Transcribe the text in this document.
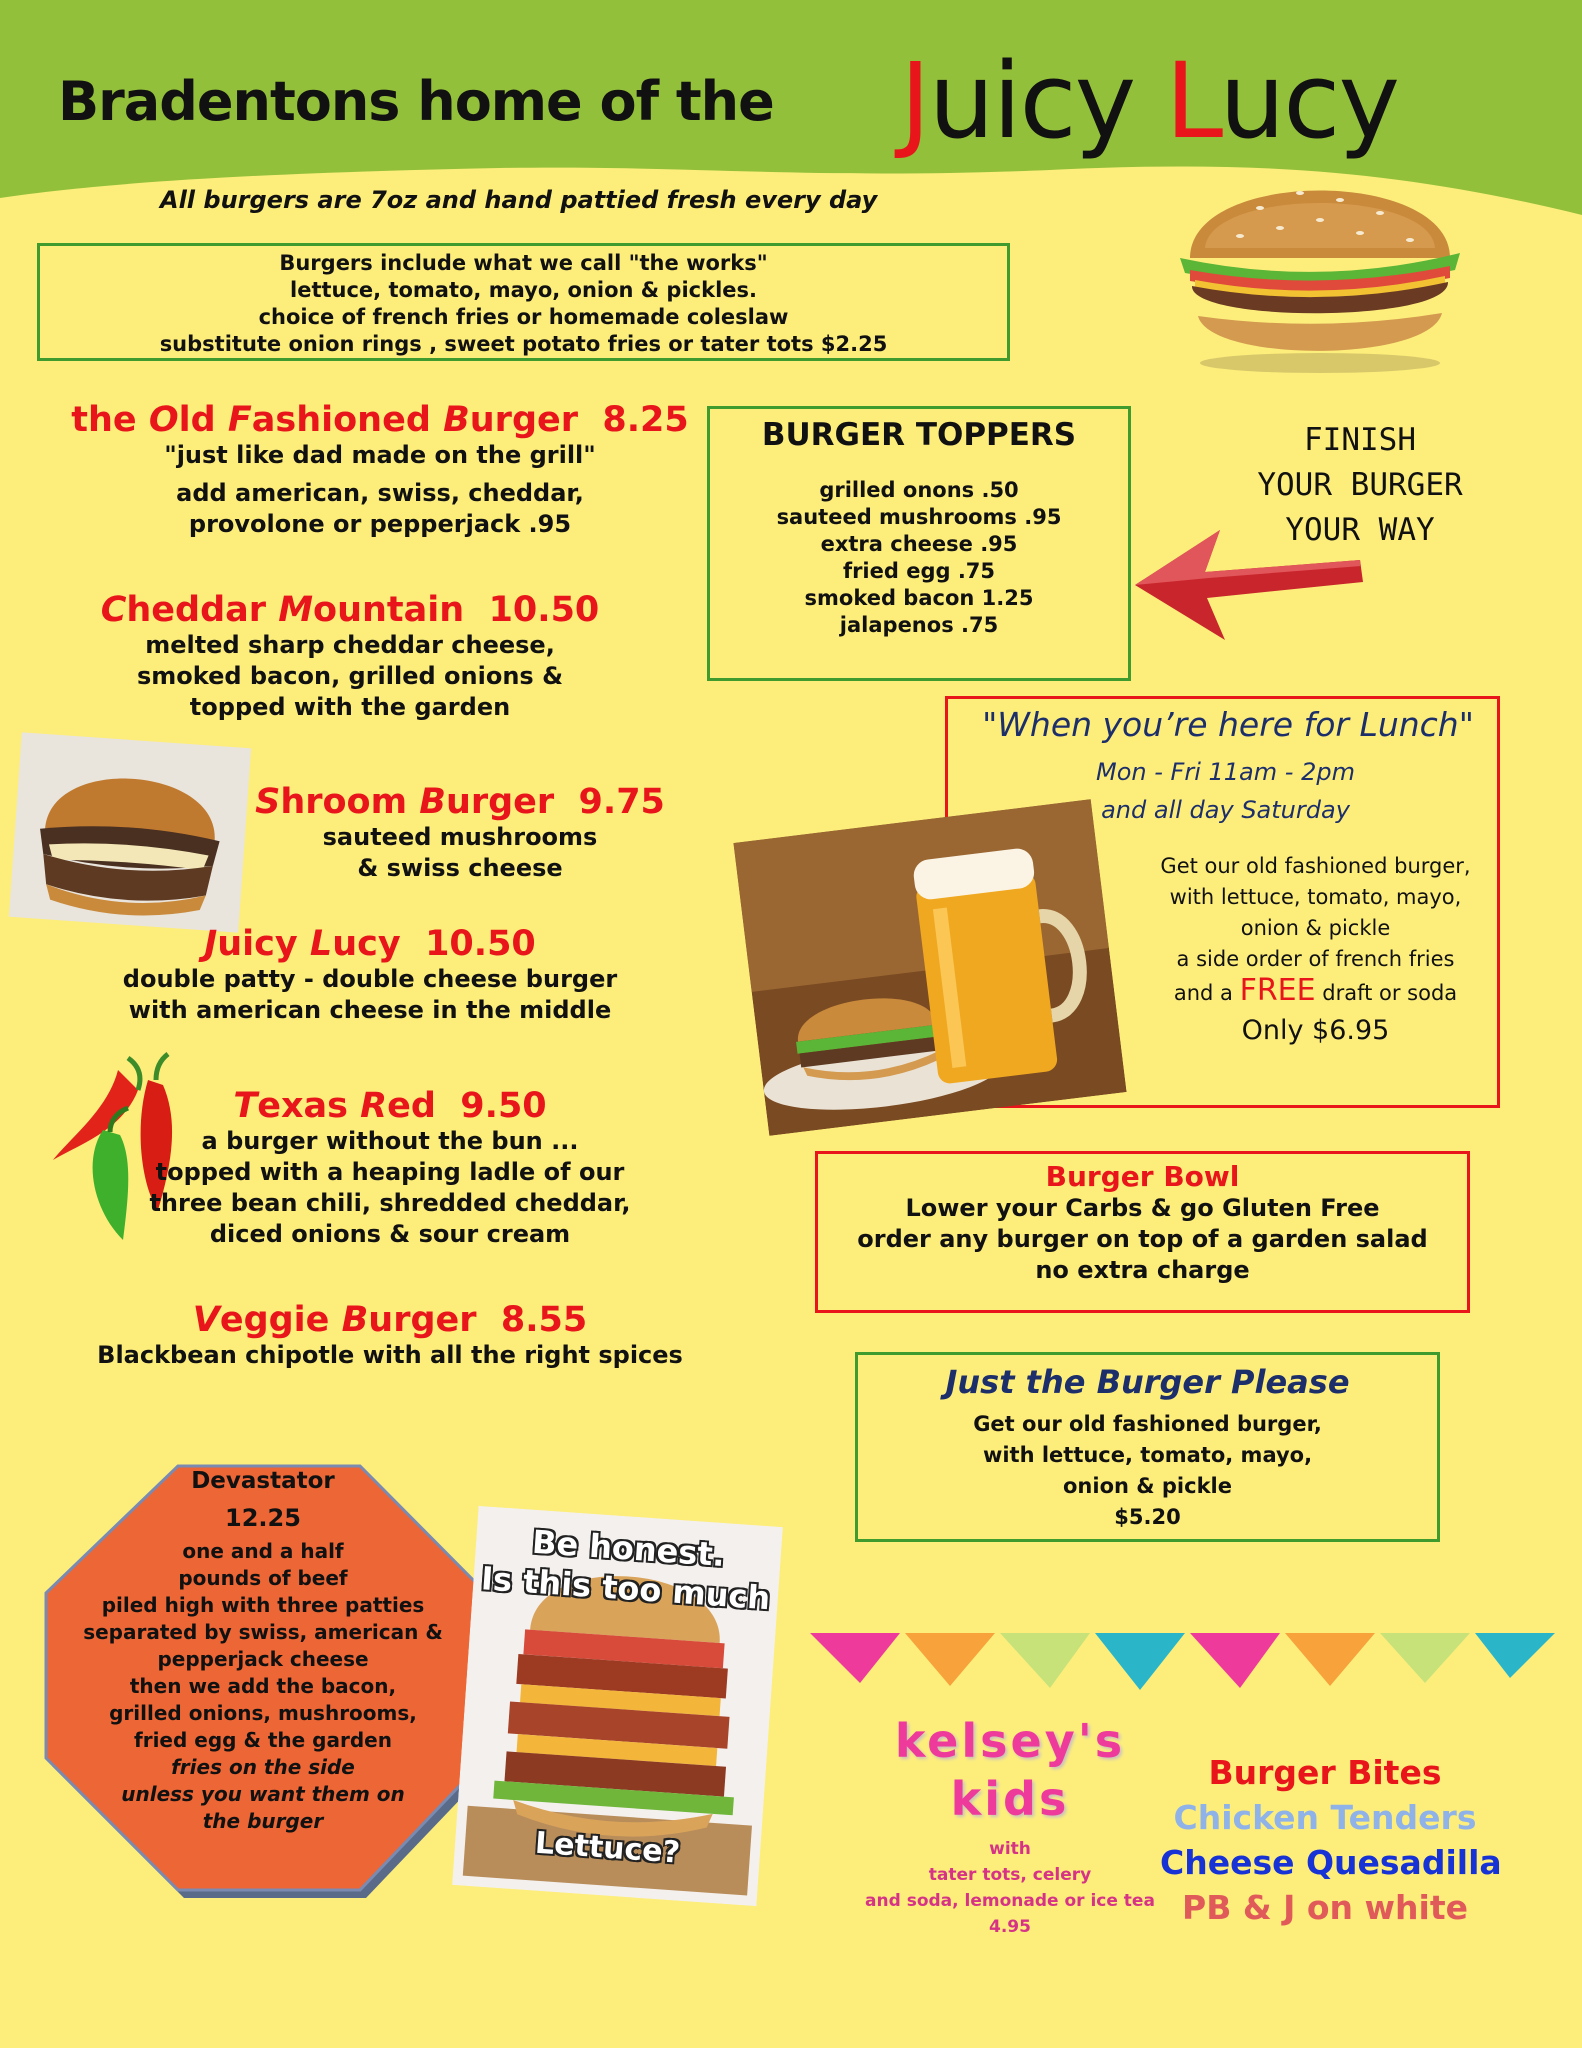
Bradentons home of the Juicy Lucy
All burgers are 7oz and hand pattied fresh every day
Burgers include what we call "the works"
lettuce, tomato, mayo, onion & pickles.
choice of french fries or homemade coleslaw
substitute onion rings , sweet potato fries or tater tots $2.25
the Old Fashioned Burger 8.25
"just like dad made on the grill"
add american, swiss, cheddar,
provolone or pepperjack .95
Cheddar Mountain 10.50
melted sharp cheddar cheese,
smoked bacon, grilled onions &
topped with the garden
Shroom Burger 9.75
sauteed mushrooms
& swiss cheese
Juicy Lucy 10.50
double patty - double cheese burger
with american cheese in the middle
Texas Red 9.50
a burger without the bun ...
topped with a heaping ladle of our
three bean chili, shredded cheddar,
diced onions & sour cream
Veggie Burger 8.55
Blackbean chipotle with all the right spices
BURGER TOPPERS
grilled onons .50
sauteed mushrooms .95
extra cheese .95
fried egg .75
smoked bacon 1.25
jalapenos .75
FINISH
YOUR BURGER
YOUR WAY
"When you’re here for Lunch"
Mon - Fri 11am - 2pm
and all day Saturday
Get our old fashioned burger,
with lettuce, tomato, mayo,
onion & pickle
a side order of french fries
and a FREE draft or soda
Only $6.95
Burger Bowl
Lower your Carbs & go Gluten Free
order any burger on top of a garden salad
no extra charge
Just the Burger Please
Get our old fashioned burger,
with lettuce, tomato, mayo,
onion & pickle
$5.20
Devastator
12.25
one and a half
pounds of beef
piled high with three patties
separated by swiss, american &
pepperjack cheese
then we add the bacon,
grilled onions, mushrooms,
fried egg & the garden
fries on the side
unless you want them on
the burger
Be honest.
Is this too much
Lettuce?
kelsey's
kids
with
tater tots, celery
and soda, lemonade or ice tea
4.95
Burger Bites
Chicken Tenders
Cheese Quesadilla
PB & J on white
